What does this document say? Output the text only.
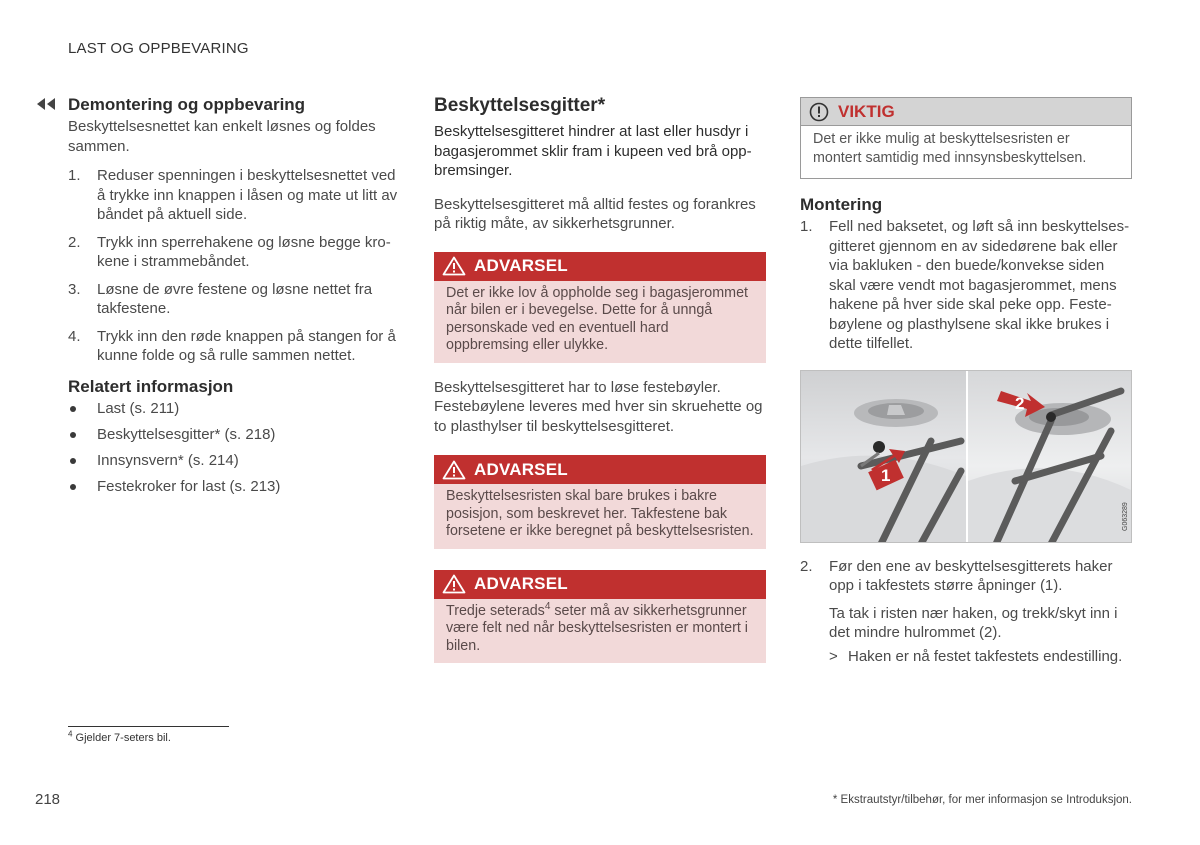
LAST OG OPPBEVARING
Demontering og oppbevaring

Beskyttelsesnettet kan enkelt løsnes og foldes sammen.

1. Reduser spenningen i beskyttelsesnettet ved å trykke inn knappen i låsen og mate ut litt av båndet på aktuell side.
2. Trykk inn sperrehakene og løsne begge krokene i strammebåndet.
3. Løsne de øvre festene og løsne nettet fra takfestene.
4. Trykk inn den røde knappen på stangen for å kunne folde og så rulle sammen nettet.
Relatert informasjon
Last (s. 211)
Beskyttelsesgitter* (s. 218)
Innsynsvern* (s. 214)
Festekroker for last (s. 213)
Beskyttelsesgitter*

Beskyttelsesgitteret hindrer at last eller husdyr i bagasjerommet sklir fram i kupeen ved brå oppbremsinger.

Beskyttelsesgitteret må alltid festes og forankres på riktig måte, av sikkerhetsgrunner.

ADVARSEL
Det er ikke lov å oppholde seg i bagasjerommet når bilen er i bevegelse. Dette for å unngå personskade ved en eventuell hard oppbremsing eller ulykke.

Beskyttelsesgitteret har to løse festebøyler. Festebøylene leveres med hver sin skruehette og to plasthylser til beskyttelsesgitteret.

ADVARSEL
Beskyttelsesristen skal bare brukes i bakre posisjon, som beskrevet her. Takfestene bak forsetene er ikke beregnet på beskyttelsesristen.
ADVARSEL
Tredje seterads$^4$ seter må av sikkerhetsgrunner være felt ned når beskyttelsesristen er montert i bilen.
VIKTIG
Det er ikke mulig at beskyttelsesristen er montert samtidig med innsynsbeskyttelsen.
Montering
1. Fell ned baksetet, og løft så inn beskyttelsesgitteret gjennom en av sidedørene bak eller via bakluken - den buede/konvekse siden skal være vendt mot bagasjerommet, mens hakene på hver side skal peke opp. Festebøylene og plasthylsene skal ikke brukes i dette tilfellet.
1
2
G063289
2. Før den ene av beskyttelsesgitterets haker opp i takfestets større åpninger (1).

Ta tak i risten nær haken, og trekk/skyt inn i det mindre hulrommet (2).

> Haken er nå festet takfestets endestilling.

$^4$ Gjelder 7-seters bil.
218	* Ekstrautstyr/tilbehør, for mer informasjon se Introduksjon.
